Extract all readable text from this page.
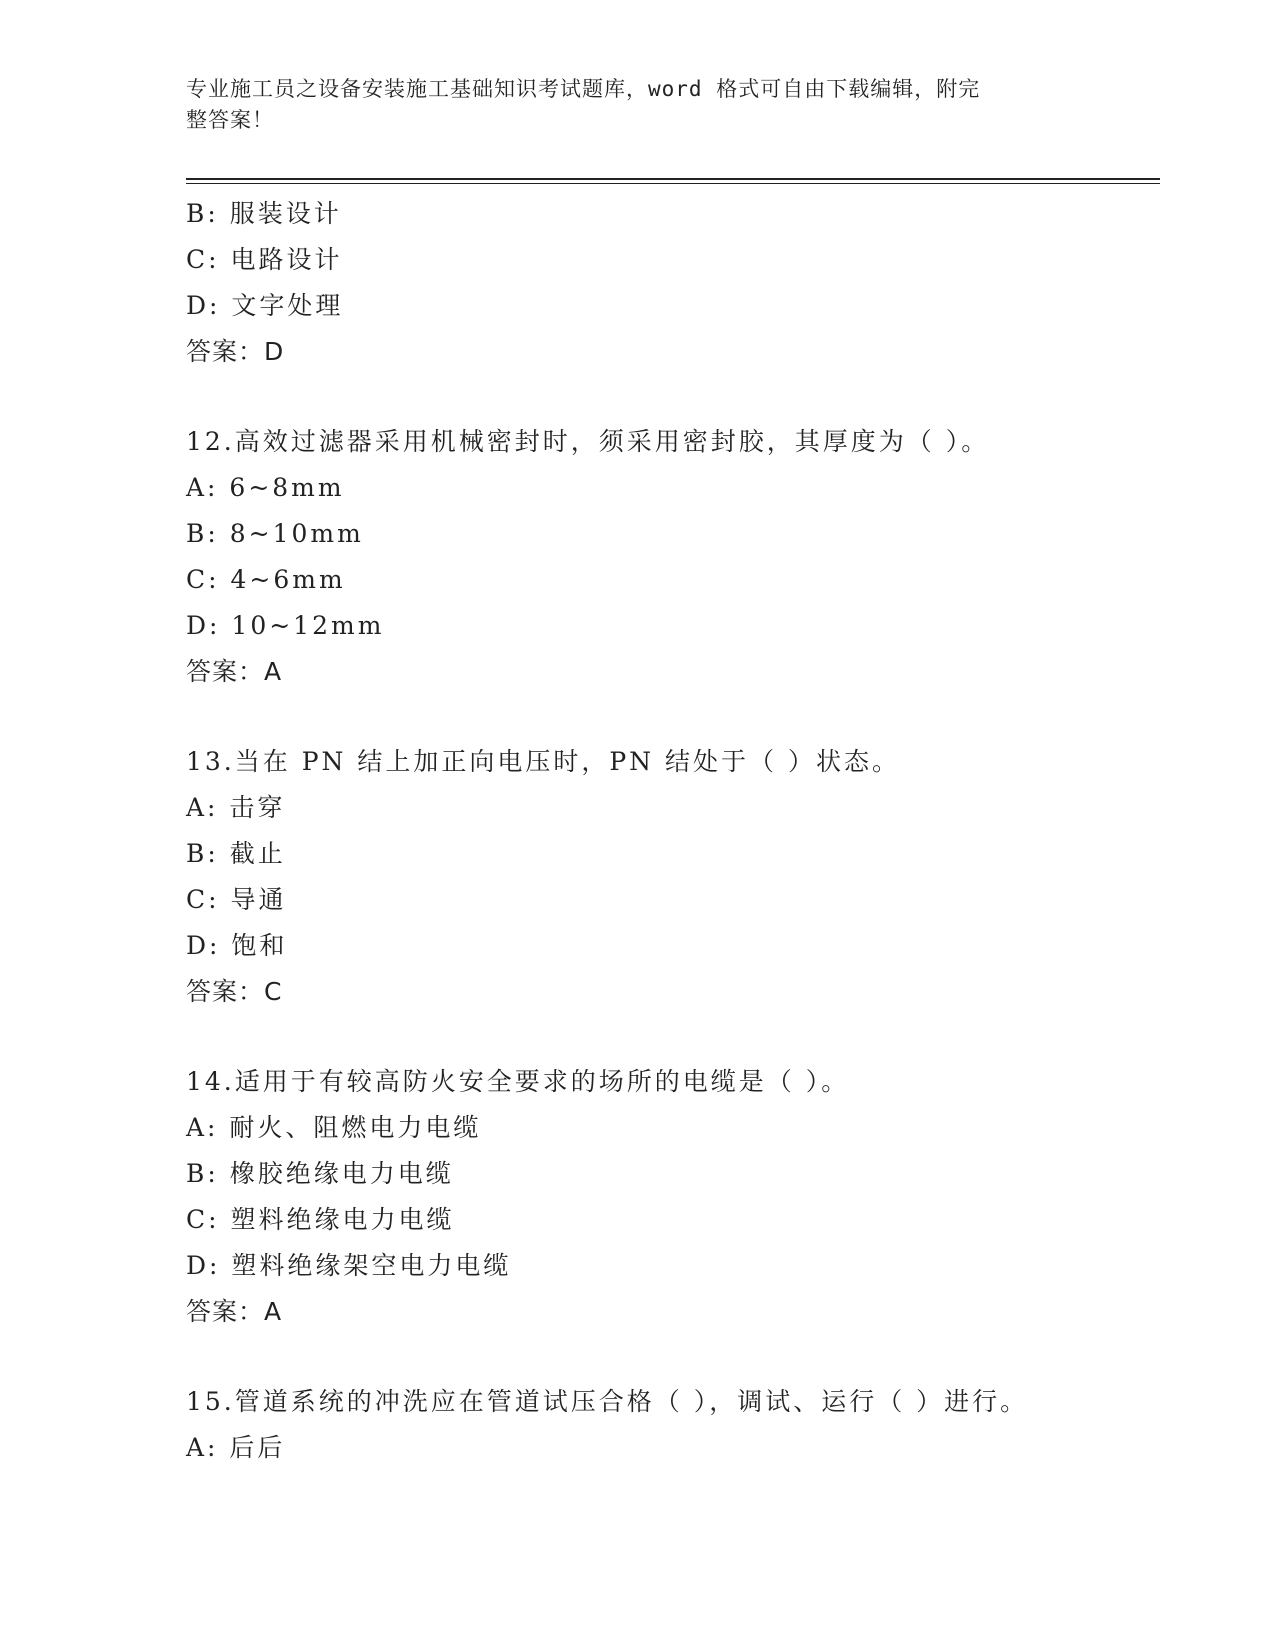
专业施工员之设备安装施工基础知识考试题库，word 格式可自由下载编辑，附完
整答案！
B: 服装设计
C: 电路设计
D: 文字处理
答案：D
12.高效过滤器采用机械密封时，须采用密封胶，其厚度为（ ）。
A: 6~8mm
B: 8~10mm
C: 4~6mm
D: 10~12mm
答案：A
13.当在 PN 结上加正向电压时，PN 结处于（ ）状态。
A: 击穿
B: 截止
C: 导通
D: 饱和
答案：C
14.适用于有较高防火安全要求的场所的电缆是（ ）。
A: 耐火、阻燃电力电缆
B: 橡胶绝缘电力电缆
C: 塑料绝缘电力电缆
D: 塑料绝缘架空电力电缆
答案：A
15.管道系统的冲洗应在管道试压合格（ ），调试、运行（ ）进行。
A: 后后
